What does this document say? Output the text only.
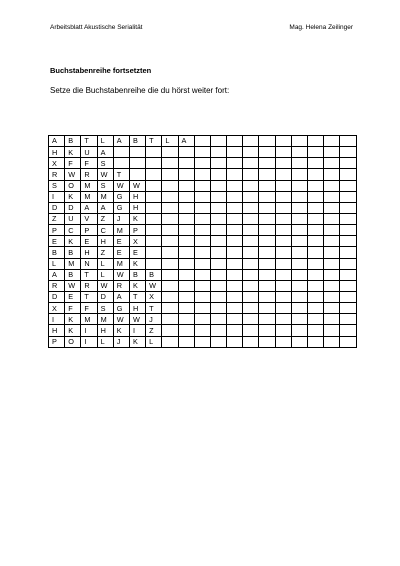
Arbeitsblatt Akustische Serialität	Mag. Helena Zeilinger
Buchstabenreihe fortsetzten
Setze die Buchstabenreihe die du hörst weiter fort:
A	B	T	L	A	B	T	L	A										
H	K	U	A															
X	F	F	S															
R	W	R	W	T														
S	O	M	S	W	W													
I	K	M	M	G	H													
D	D	A	A	G	H													
Z	U	V	Z	J	K													
P	C	P	C	M	P													
E	K	E	H	E	X													
B	B	H	Z	E	E													
L	M	N	L	M	K													
A	B	T	L	W	B	B												
R	W	R	W	R	K	W												
D	E	T	D	A	T	X												
X	F	F	S	G	H	T												
I	K	M	M	W	W	J												
H	K	I	H	K	I	Z												
P	O	I	L	J	K	L												
